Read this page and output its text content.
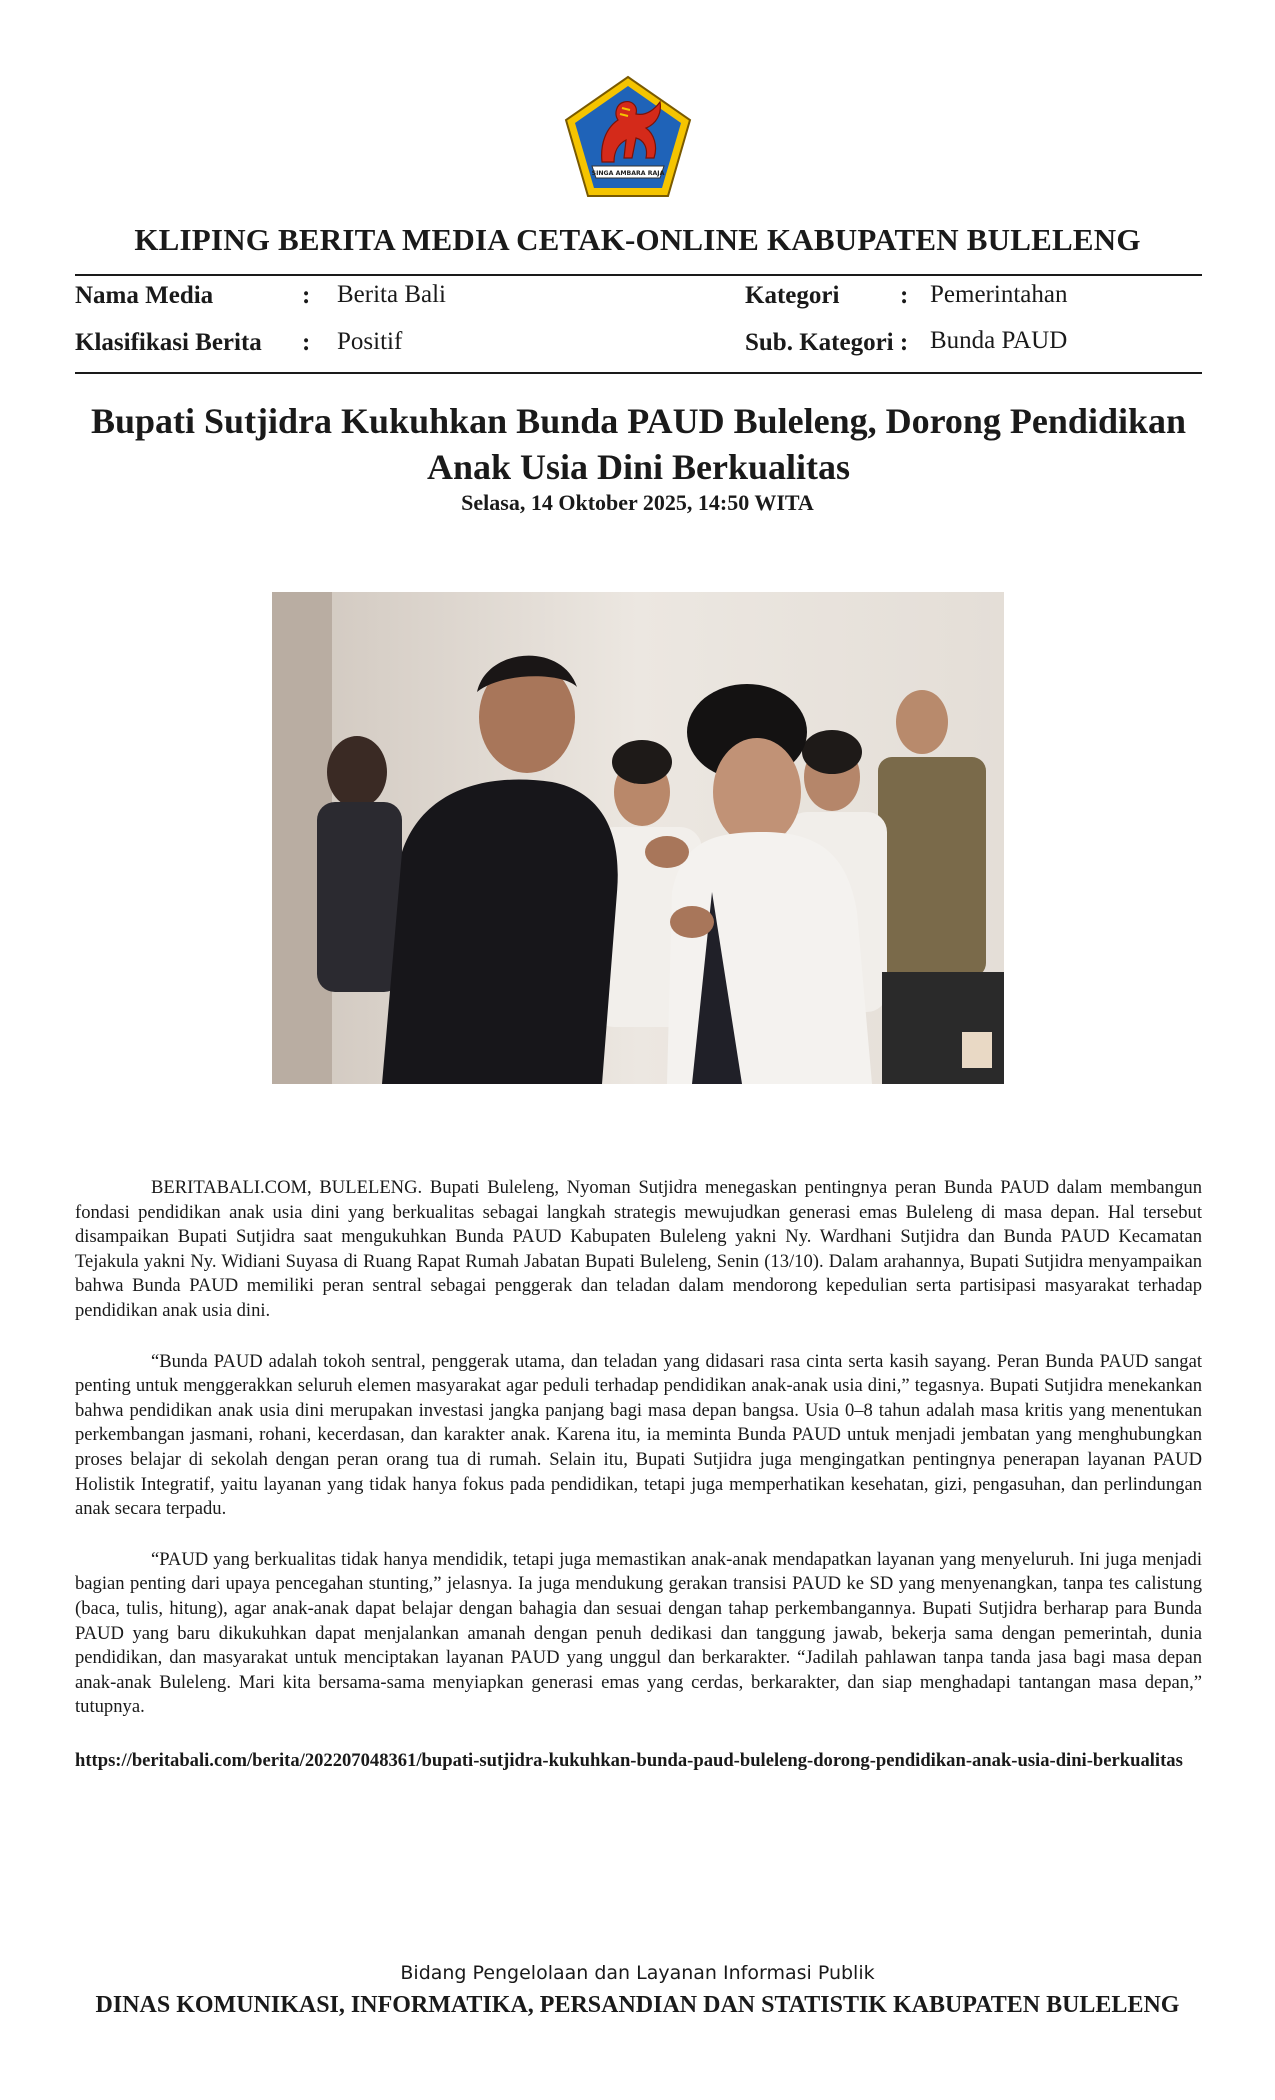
SINGA AMBARA RAJA
KLIPING BERITA MEDIA CETAK-ONLINE KABUPATEN BULELENG
Nama Media	: Berita Bali	Kategori : Pemerintahan
Klasifikasi Berita : Positif	Sub. Kategori : Bunda PAUD
Bupati Sutjidra Kukuhkan Bunda PAUD Buleleng, Dorong Pendidikan Anak Usia Dini Berkualitas
Selasa, 14 Oktober 2025, 14:50 WITA

BERITABALI.COM, BULELENG. Bupati Buleleng, Nyoman Sutjidra menegaskan pentingnya peran Bunda PAUD dalam membangun fondasi pendidikan anak usia dini yang berkualitas sebagai langkah strategis mewujudkan generasi emas Buleleng di masa depan. Hal tersebut disampaikan Bupati Sutjidra saat mengukuhkan Bunda PAUD Kabupaten Buleleng yakni Ny. Wardhani Sutjidra dan Bunda PAUD Kecamatan Tejakula yakni Ny. Widiani Suyasa di Ruang Rapat Rumah Jabatan Bupati Buleleng, Senin (13/10). Dalam arahannya, Bupati Sutjidra menyampaikan bahwa Bunda PAUD memiliki peran sentral sebagai penggerak dan teladan dalam mendorong kepedulian serta partisipasi masyarakat terhadap pendidikan anak usia dini.

“Bunda PAUD adalah tokoh sentral, penggerak utama, dan teladan yang didasari rasa cinta serta kasih sayang. Peran Bunda PAUD sangat penting untuk menggerakkan seluruh elemen masyarakat agar peduli terhadap pendidikan anak-anak usia dini,” tegasnya. Bupati Sutjidra menekankan bahwa pendidikan anak usia dini merupakan investasi jangka panjang bagi masa depan bangsa. Usia 0–8 tahun adalah masa kritis yang menentukan perkembangan jasmani, rohani, kecerdasan, dan karakter anak. Karena itu, ia meminta Bunda PAUD untuk menjadi jembatan yang menghubungkan proses belajar di sekolah dengan peran orang tua di rumah. Selain itu, Bupati Sutjidra juga mengingatkan pentingnya penerapan layanan PAUD Holistik Integratif, yaitu layanan yang tidak hanya fokus pada pendidikan, tetapi juga memperhatikan kesehatan, gizi, pengasuhan, dan perlindungan anak secara terpadu.

“PAUD yang berkualitas tidak hanya mendidik, tetapi juga memastikan anak-anak mendapatkan layanan yang menyeluruh. Ini juga menjadi bagian penting dari upaya pencegahan stunting,” jelasnya. Ia juga mendukung gerakan transisi PAUD ke SD yang menyenangkan, tanpa tes calistung (baca, tulis, hitung), agar anak-anak dapat belajar dengan bahagia dan sesuai dengan tahap perkembangannya. Bupati Sutjidra berharap para Bunda PAUD yang baru dikukuhkan dapat menjalankan amanah dengan penuh dedikasi dan tanggung jawab, bekerja sama dengan pemerintah, dunia pendidikan, dan masyarakat untuk menciptakan layanan PAUD yang unggul dan berkarakter. “Jadilah pahlawan tanpa tanda jasa bagi masa depan anak-anak Buleleng. Mari kita bersama-sama menyiapkan generasi emas yang cerdas, berkarakter, dan siap menghadapi tantangan masa depan,” tutupnya.

https://beritabali.com/berita/202207048361/bupati-sutjidra-kukuhkan-bunda-paud-buleleng-dorong-pendidikan-anak-usia-dini-berkualitas
Bidang Pengelolaan dan Layanan Informasi Publik
DINAS KOMUNIKASI, INFORMATIKA, PERSANDIAN DAN STATISTIK KABUPATEN BULELENG
